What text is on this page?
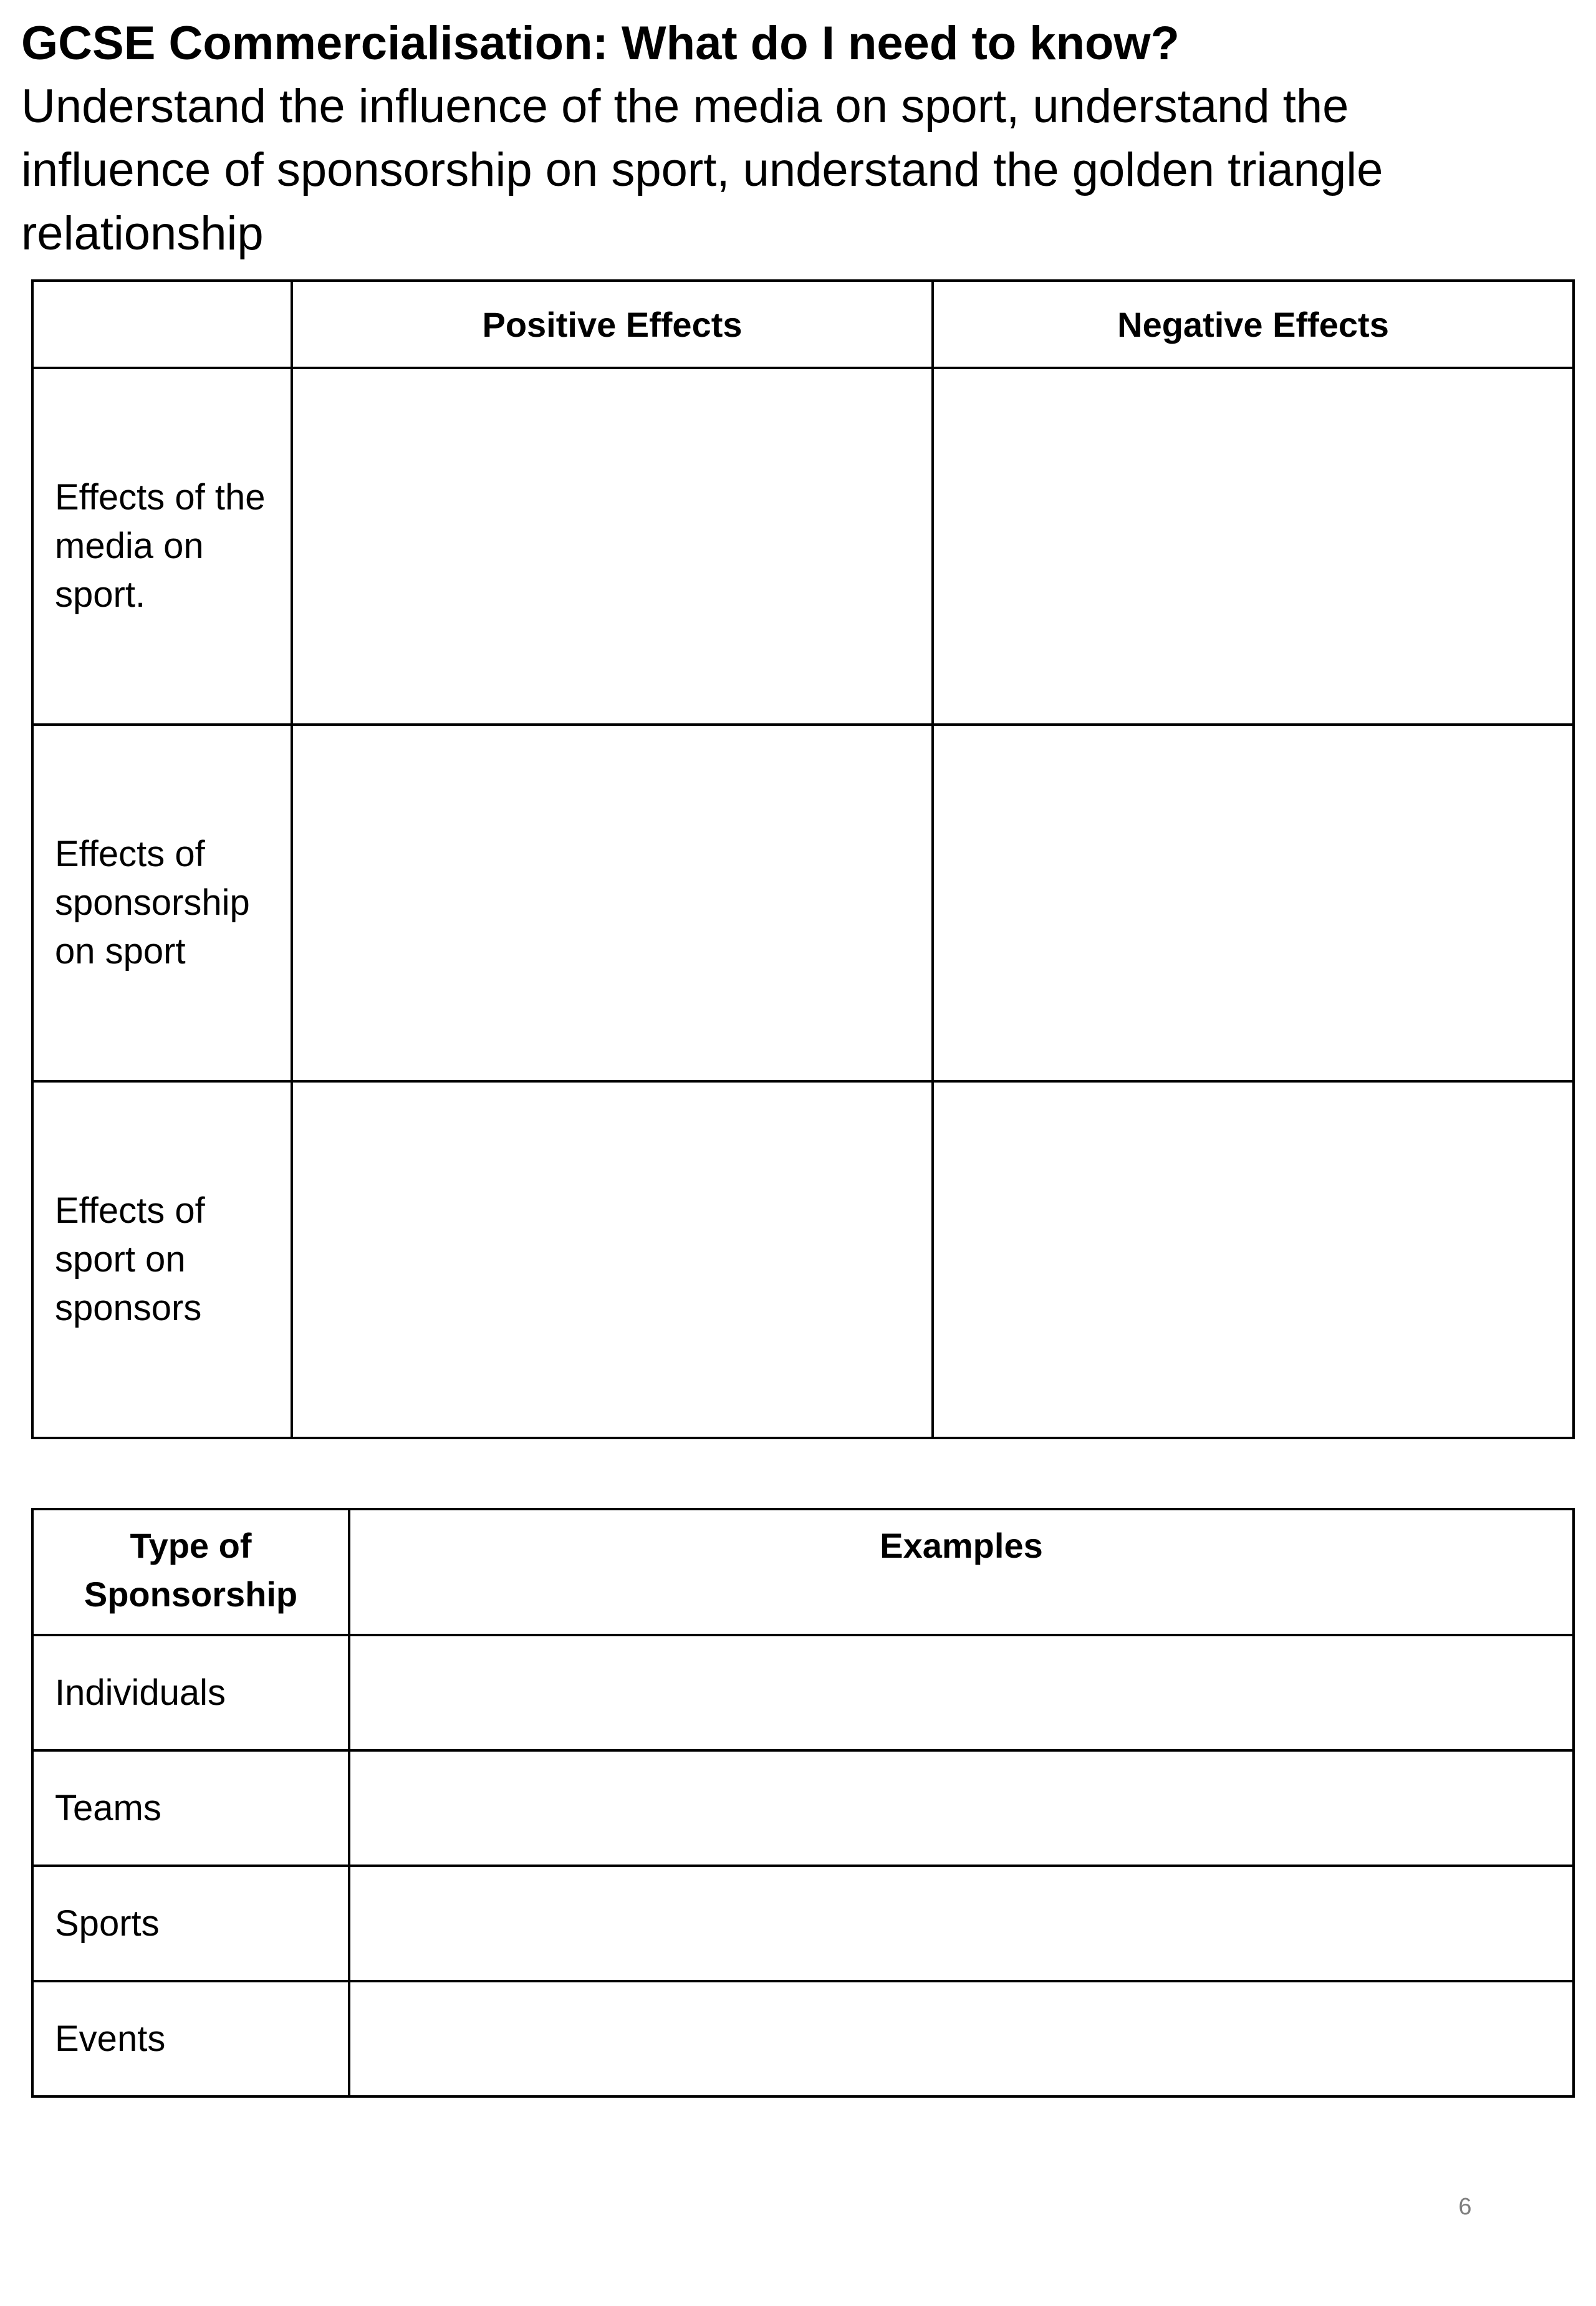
GCSE Commercialisation: What do I need to know?
Understand the influence of the media on sport, understand the influence of sponsorship on sport, understand the golden triangle relationship
	Positive Effects	Negative Effects
Effects of the media on sport.		
Effects of sponsorship on sport		
Effects of sport on sponsors		
Type of Sponsorship	Examples
Individuals	
Teams	
Sports	
Events	
6
